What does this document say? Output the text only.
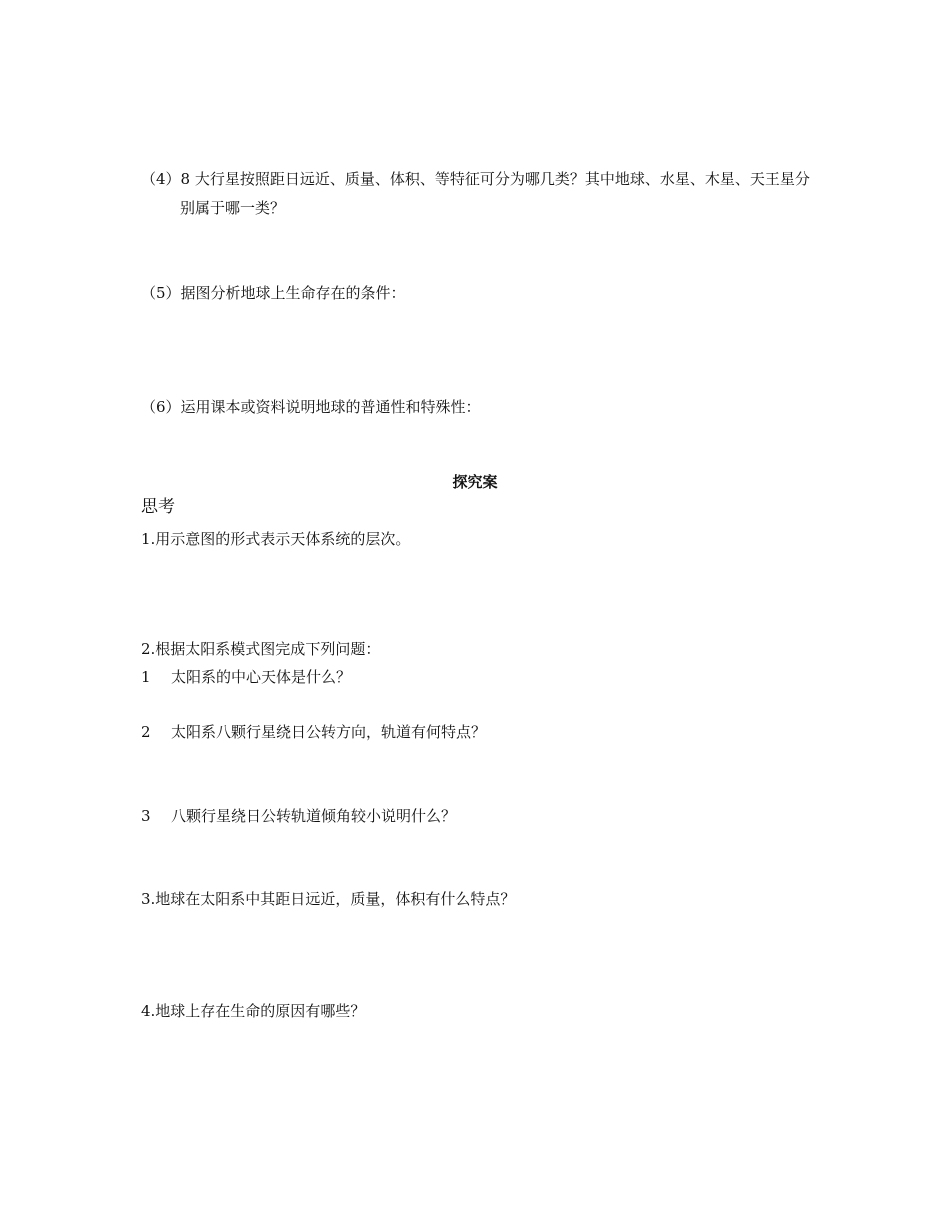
（4）8 大行星按照距日远近、质量、体积、等特征可分为哪几类？其中地球、水星、木星、天王星分
别属于哪一类？
（5）据图分析地球上生命存在的条件：
（6）运用课本或资料说明地球的普通性和特殊性：
探究案
思考
1.用示意图的形式表示天体系统的层次。
2.根据太阳系模式图完成下列问题：
1 太阳系的中心天体是什么？
2 太阳系八颗行星绕日公转方向，轨道有何特点？
3 八颗行星绕日公转轨道倾角较小说明什么？
3.地球在太阳系中其距日远近，质量，体积有什么特点？
4.地球上存在生命的原因有哪些？
